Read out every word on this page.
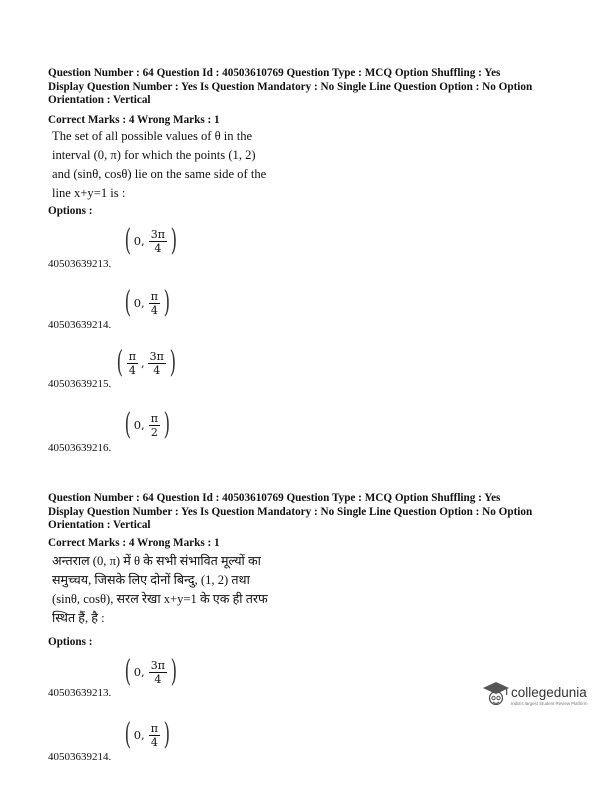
Question Number : 64 Question Id : 40503610769 Question Type : MCQ Option Shuffling : Yes

Display Question Number : Yes Is Question Mandatory : No Single Line Question Option : No Option

Orientation : Vertical

Correct Marks : 4 Wrong Marks : 1

The set of all possible values of θ in the

interval (0, π) for which the points (1, 2)

and (sinθ, cosθ) lie on the same side of the

line x+y=1 is :

Options :
( 0, $\frac{3\pi}{4}$ )
40503639213.
( 0, $\frac{\pi}{4}$ )
40503639214.
( $\frac{\pi}{4}$ , $\frac{3\pi}{4}$ )
40503639215.
( 0, $\frac{\pi}{2}$ )
40503639216.

Question Number : 64 Question Id : 40503610769 Question Type : MCQ Option Shuffling : Yes

Display Question Number : Yes Is Question Mandatory : No Single Line Question Option : No Option

Orientation : Vertical

Correct Marks : 4 Wrong Marks : 1

अन्तराल (0, π) में θ के सभी संभावित मूल्यों का

समुच्चय, जिसके लिए दोनों बिन्दु, (1, 2) तथा

(sinθ, cosθ), सरल रेखा x+y=1 के एक ही तरफ

स्थित हैं, है :

Options :
( 0, $\frac{3\pi}{4}$ )
40503639213.
( 0, $\frac{\pi}{4}$ )
40503639214.
collegedunia
India's largest Student Review Platform
